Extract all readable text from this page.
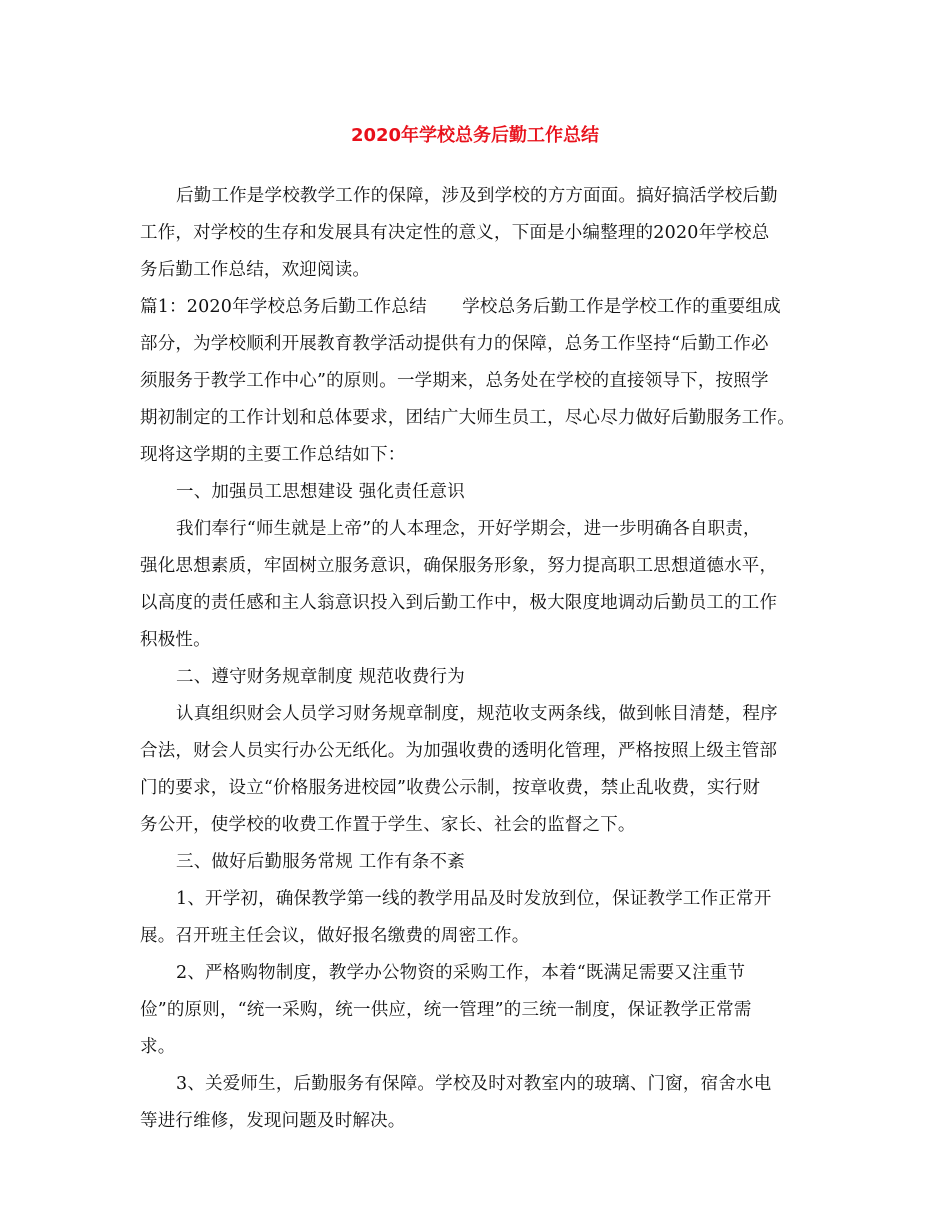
2020年学校总务后勤工作总结
后勤工作是学校教学工作的保障，涉及到学校的方方面面。搞好搞活学校后勤
工作，对学校的生存和发展具有决定性的意义，下面是小编整理的2020年学校总
务后勤工作总结，欢迎阅读。
篇1：2020年学校总务后勤工作总结　　学校总务后勤工作是学校工作的重要组成
部分，为学校顺利开展教育教学活动提供有力的保障，总务工作坚持“后勤工作必
须服务于教学工作中心”的原则。一学期来，总务处在学校的直接领导下，按照学
期初制定的工作计划和总体要求，团结广大师生员工，尽心尽力做好后勤服务工作。
现将这学期的主要工作总结如下：
一、加强员工思想建设 强化责任意识
我们奉行“师生就是上帝”的人本理念，开好学期会，进一步明确各自职责，
强化思想素质，牢固树立服务意识，确保服务形象，努力提高职工思想道德水平，
以高度的责任感和主人翁意识投入到后勤工作中，极大限度地调动后勤员工的工作
积极性。
二、遵守财务规章制度 规范收费行为
认真组织财会人员学习财务规章制度，规范收支两条线，做到帐目清楚，程序
合法，财会人员实行办公无纸化。为加强收费的透明化管理，严格按照上级主管部
门的要求，设立“价格服务进校园”收费公示制，按章收费，禁止乱收费，实行财
务公开，使学校的收费工作置于学生、家长、社会的监督之下。
三、做好后勤服务常规 工作有条不紊
1、开学初，确保教学第一线的教学用品及时发放到位，保证教学工作正常开
展。召开班主任会议，做好报名缴费的周密工作。
2、严格购物制度，教学办公物资的采购工作，本着“既满足需要又注重节
俭”的原则，“统一采购，统一供应，统一管理”的三统一制度，保证教学正常需
求。
3、关爱师生，后勤服务有保障。学校及时对教室内的玻璃、门窗，宿舍水电
等进行维修，发现问题及时解决。
